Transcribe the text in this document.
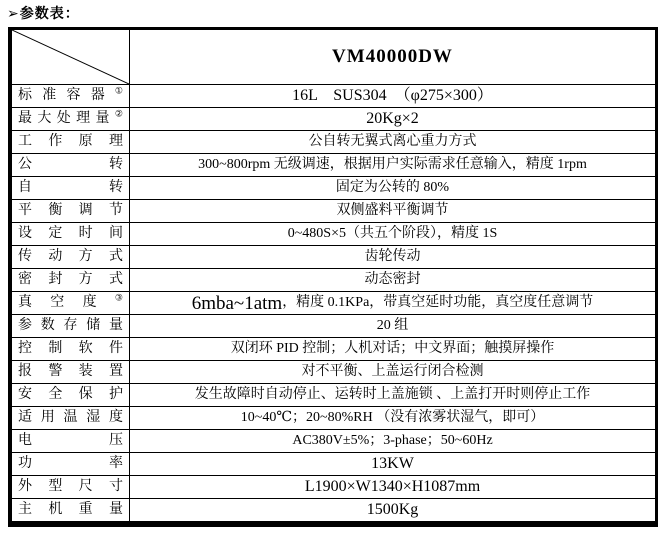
➢参数表：
VM40000DW
标准容器①	16L　SUS304　（φ275×300）
最大处理量②	20Kg×2
工作原理	公自转无翼式离心重力方式
公转	300~800rpm 无级调速，根据用户实际需求任意输入，精度 1rpm
自转	固定为公转的 80%
平衡调节	双侧盛料平衡调节
设定时间	0~480S×5（共五个阶段），精度 1S
传动方式	齿轮传动
密封方式	动态密封
真空度③	6mba~1atm ，精度 0.1KPa，带真空延时功能，真空度任意调节
参数存储量	20 组
控制软件	双闭环 PID 控制；人机对话；中文界面；触摸屏操作
报警装置	对不平衡、上盖运行闭合检测
安全保护	发生故障时自动停止、运转时上盖施锁 、上盖打开时则停止工作
适用温湿度	10~40℃；20~80%RH （没有浓雾状湿气，即可）
电压	AC380V±5%；3-phase；50~60Hz
功率	13KW
外型尺寸	L1900×W1340×H1087mm
主机重量	1500Kg
